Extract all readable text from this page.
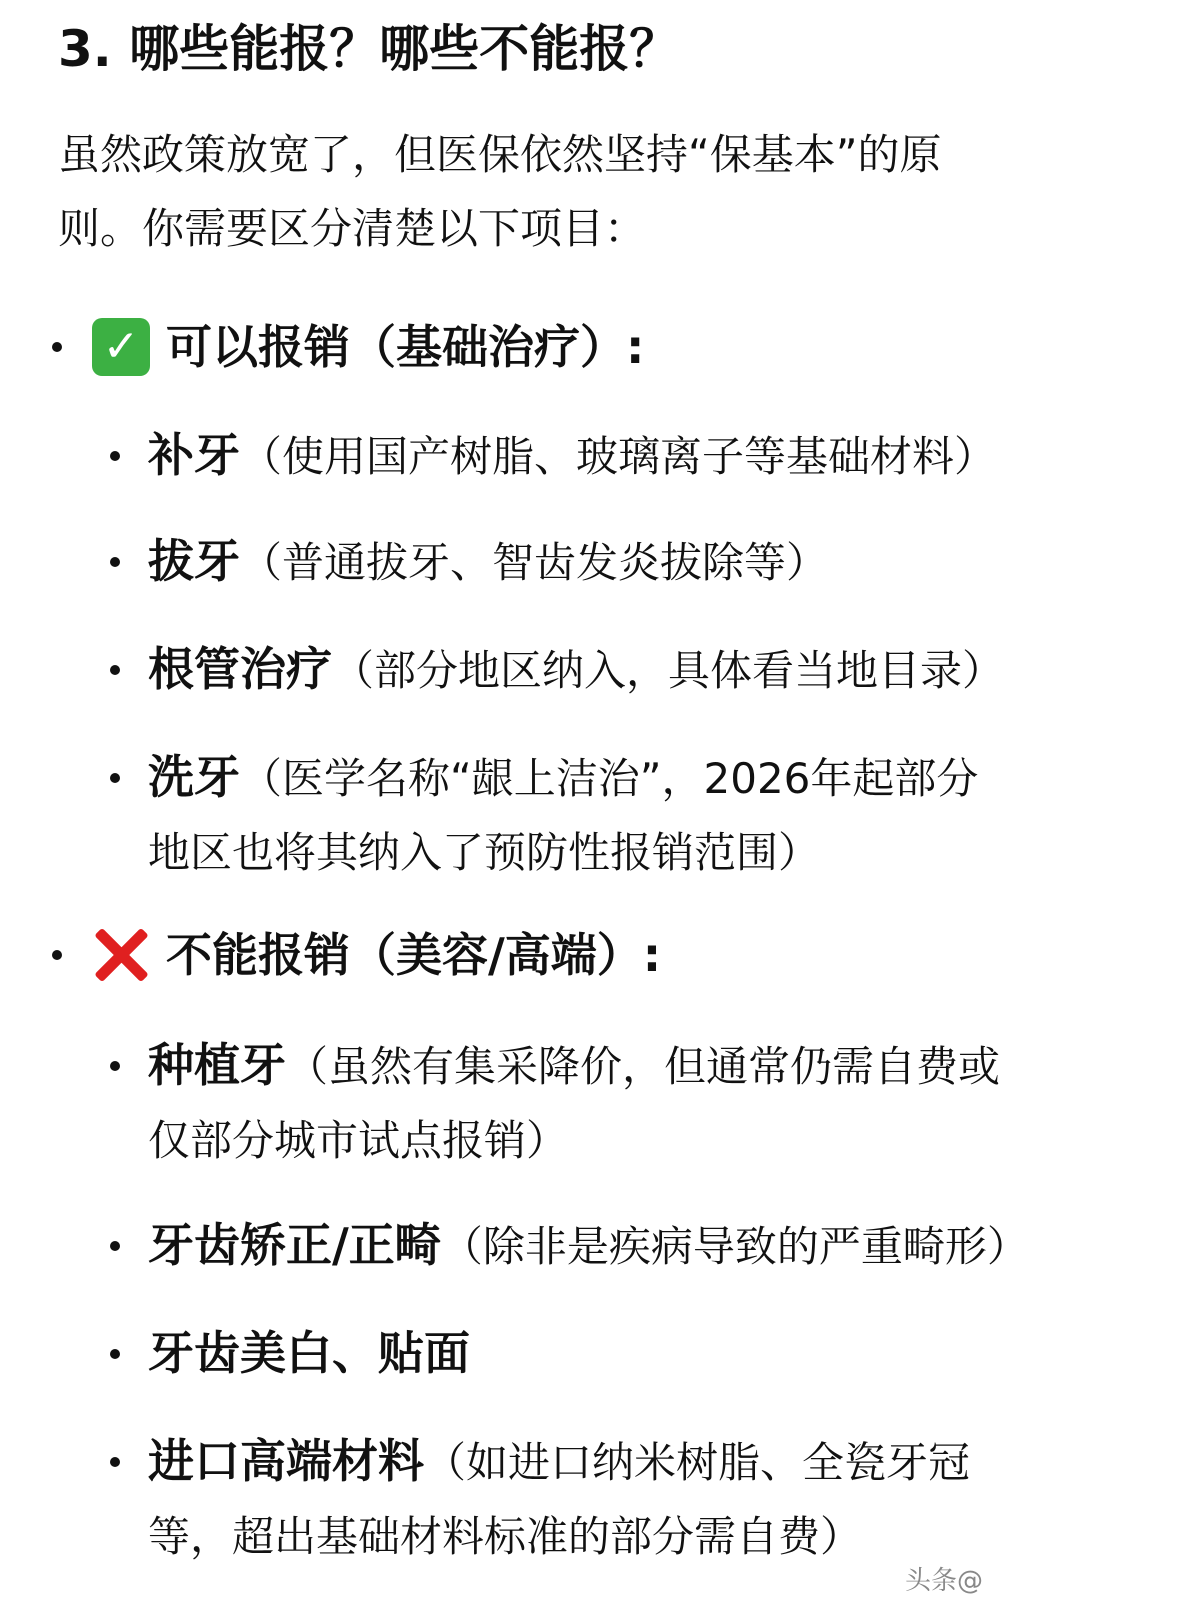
3. 哪些能报？哪些不能报？
虽然政策放宽了，但医保依然坚持“保基本”的原
则。你需要区分清楚以下项目：
✓ 可以报销（基础治疗）:
补牙（使用国产树脂、玻璃离子等基础材料）
拔牙（普通拔牙、智齿发炎拔除等）
根管治疗（部分地区纳入，具体看当地目录）
洗牙（医学名称“龈上洁治”，2026年起部分
地区也将其纳入了预防性报销范围）
不能报销（美容/高端）:
种植牙（虽然有集采降价，但通常仍需自费或
仅部分城市试点报销）
牙齿矫正/正畸（除非是疾病导致的严重畸形）
牙齿美白、贴面
进口高端材料（如进口纳米树脂、全瓷牙冠
等，超出基础材料标准的部分需自费）
头条@
